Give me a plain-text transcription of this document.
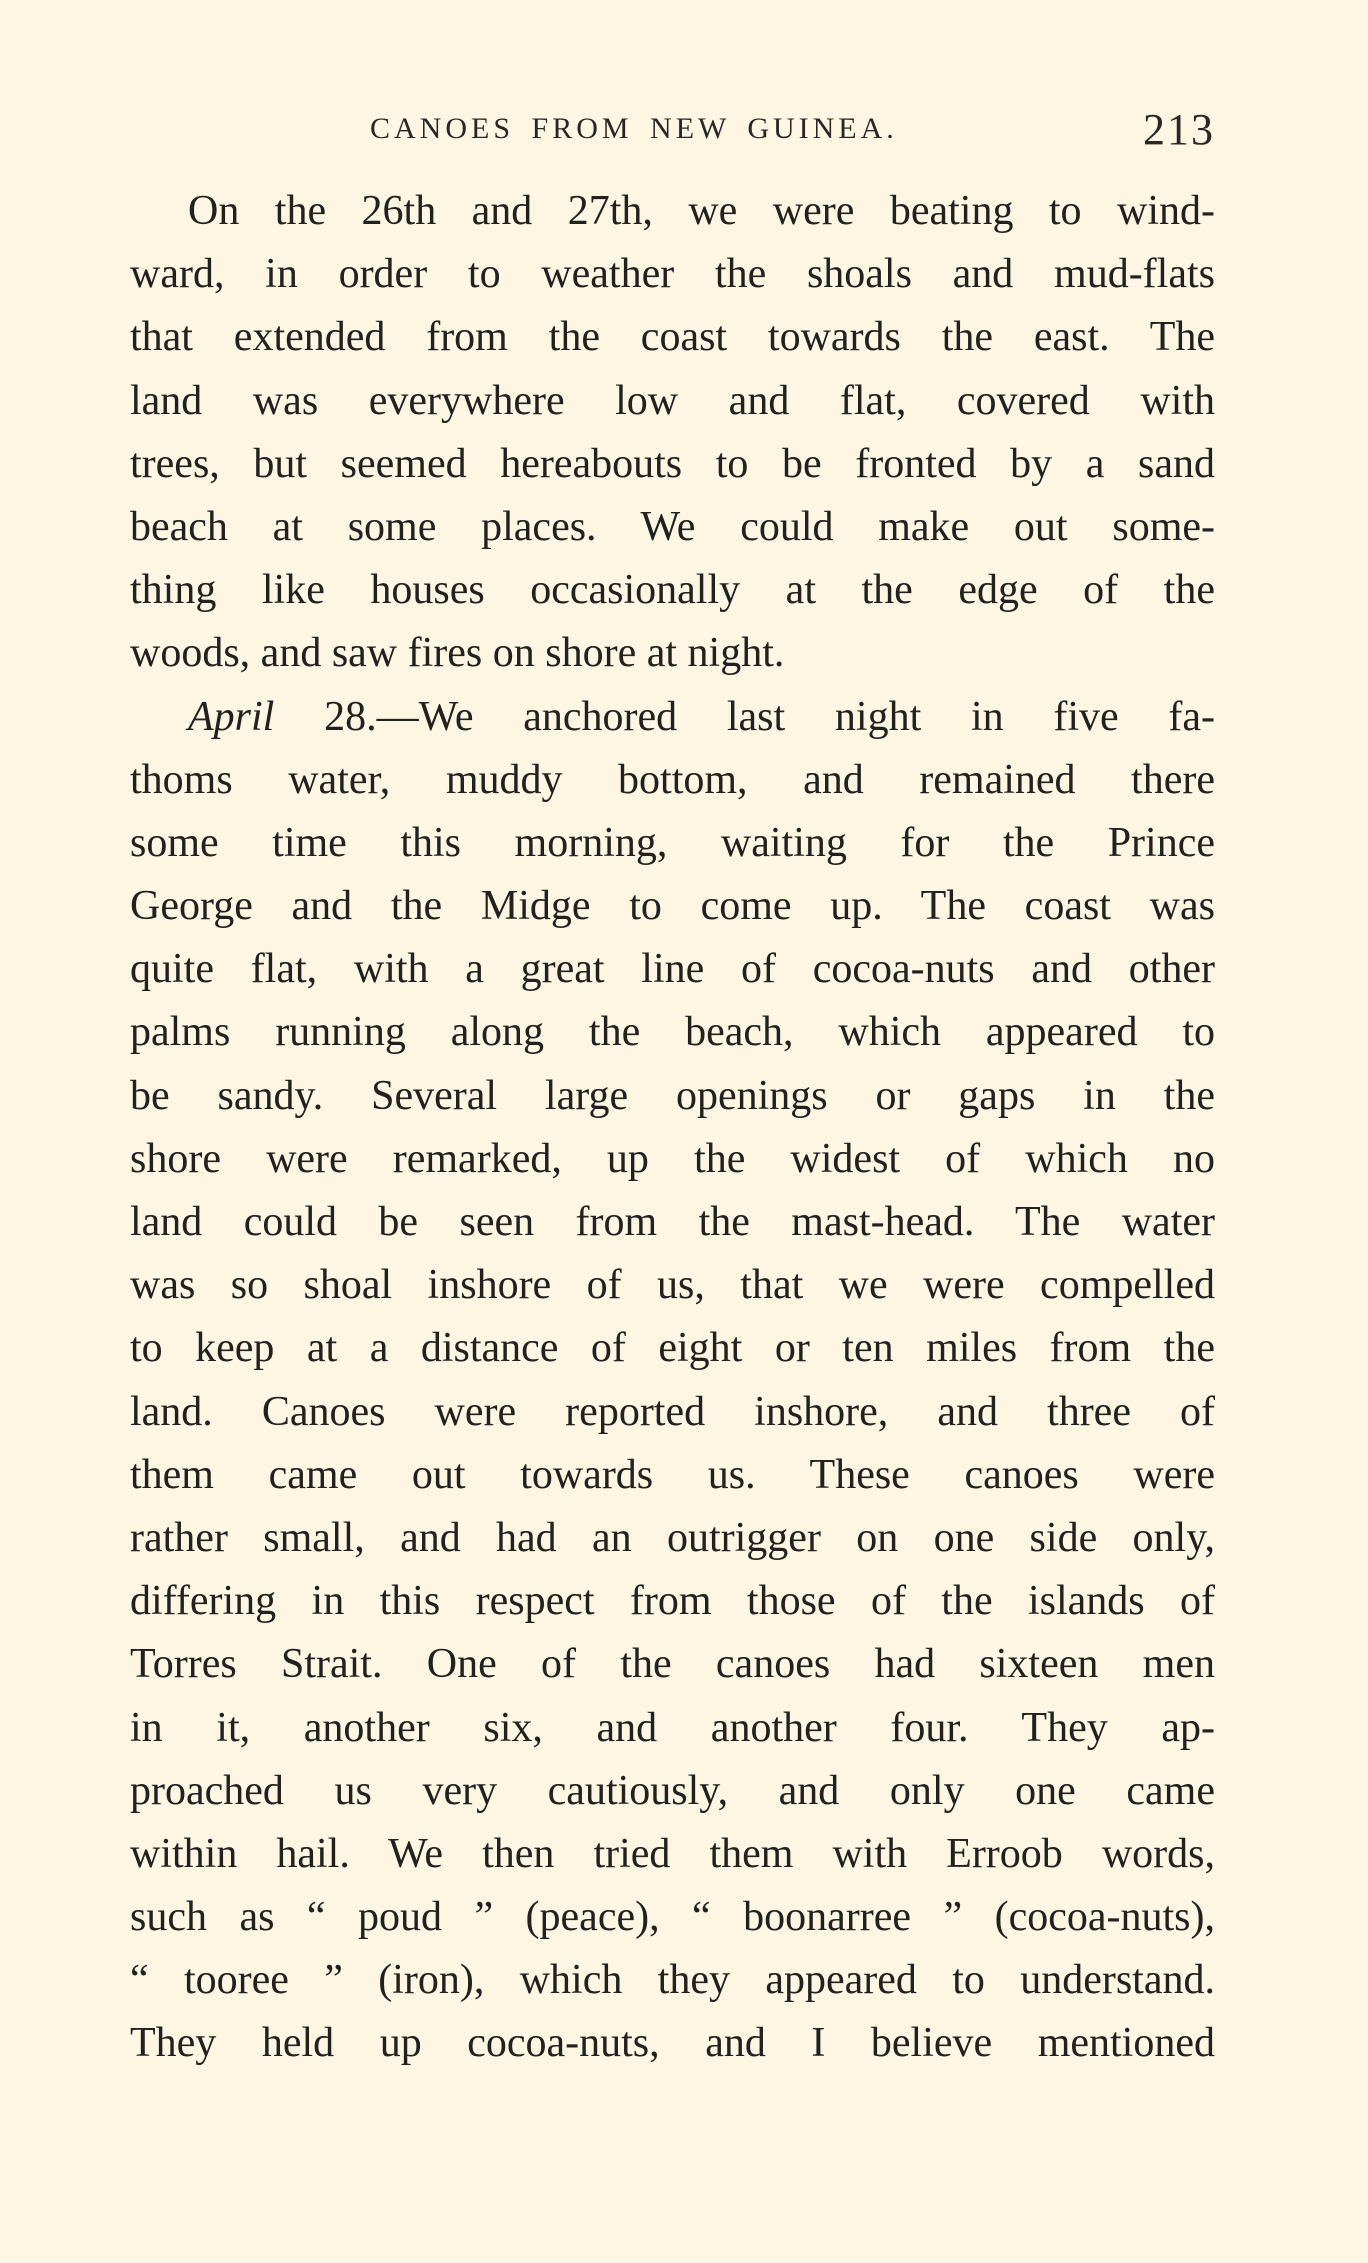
CANOES FROM NEW GUINEA.	213
On the 26th and 27th, we were beating to wind-
ward, in order to weather the shoals and mud-flats
that extended from the coast towards the east. The
land was everywhere low and flat, covered with
trees, but seemed hereabouts to be fronted by a sand
beach at some places. We could make out some-
thing like houses occasionally at the edge of the
woods, and saw fires on shore at night.
April 28.—We anchored last night in five fa-
thoms water, muddy bottom, and remained there
some time this morning, waiting for the Prince
George and the Midge to come up. The coast was
quite flat, with a great line of cocoa-nuts and other
palms running along the beach, which appeared to
be sandy. Several large openings or gaps in the
shore were remarked, up the widest of which no
land could be seen from the mast-head. The water
was so shoal inshore of us, that we were compelled
to keep at a distance of eight or ten miles from the
land. Canoes were reported inshore, and three of
them came out towards us. These canoes were
rather small, and had an outrigger on one side only,
differing in this respect from those of the islands of
Torres Strait. One of the canoes had sixteen men
in it, another six, and another four. They ap-
proached us very cautiously, and only one came
within hail. We then tried them with Erroob words,
such as “ poud ” (peace), “ boonarree ” (cocoa-nuts),
“ tooree ” (iron), which they appeared to understand.
They held up cocoa-nuts, and I believe mentioned
